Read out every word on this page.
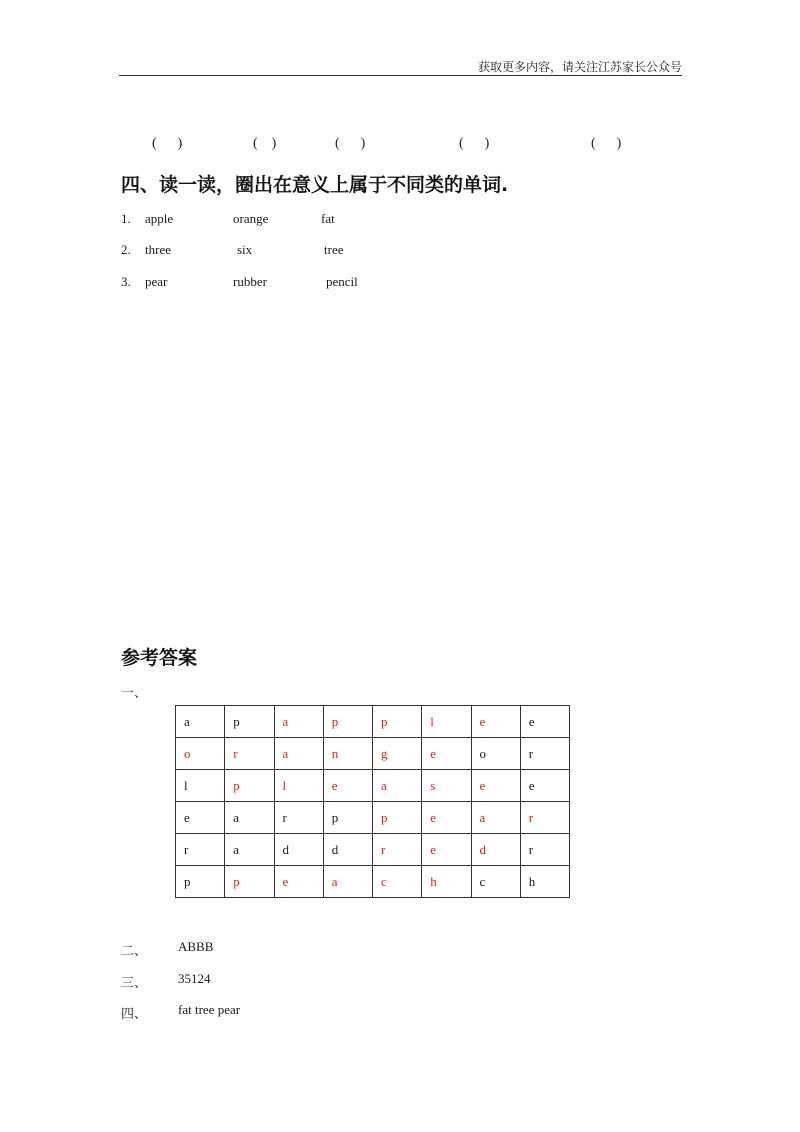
获取更多内容，请关注江苏家长公众号
(      )	(    )	(      )	(      )	(      )
四、读一读，圈出在意义上属于不同类的单词.
1. apple	orange	fat
2. three	six	tree
3. pear	rubber	pencil
参考答案
一、
a	p	a	p	p	l	e	e
o	r	a	n	g	e	o	r
l	p	l	e	a	s	e	e
e	a	r	p	p	e	a	r
r	a	d	d	r	e	d	r
p	p	e	a	c	h	c	h
二、 ABBB
三、 35124
四、 fat tree pear
